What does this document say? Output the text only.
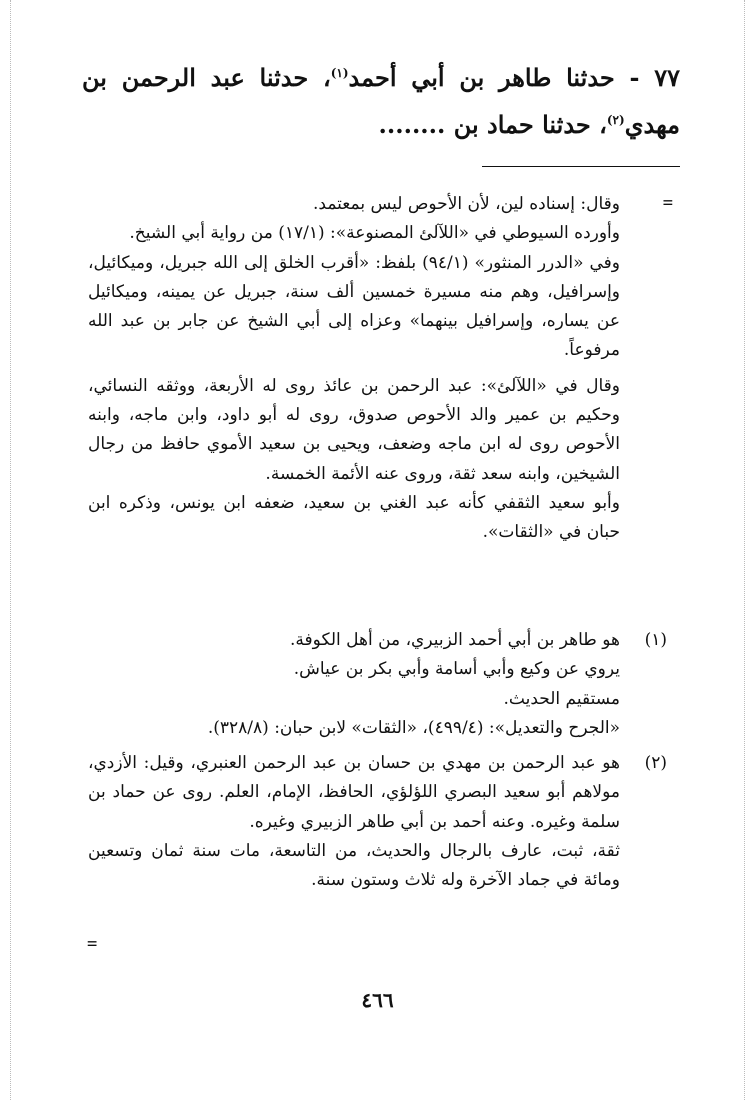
٧٧ - حدثنا طاهر بن أبي أحمد$^{(١)}$، حدثنا عبد الرحمن بن مهدي$^{(٢)}$، حدثنا حماد بن ........
=

وقال: إسناده لين، لأن الأحوص ليس بمعتمد.

وأورده السيوطي في «اللآلئ المصنوعة»: (١٧/١) من رواية أبي الشيخ.

وفي «الدرر المنثور» (٩٤/١) بلفظ: «أقرب الخلق إلى الله جبريل، وميكائيل، وإسرافيل، وهم منه مسيرة خمسين ألف سنة، جبريل عن يمينه، وميكائيل عن يساره، وإسرافيل بينهما» وعزاه إلى أبي الشيخ عن جابر بن عبد الله مرفوعاً.

وقال في «اللآلئ»: عبد الرحمن بن عائذ روى له الأربعة، ووثقه النسائي، وحكيم بن عمير والد الأحوص صدوق، روى له أبو داود، وابن ماجه، وابنه الأحوص روى له ابن ماجه وضعف، ويحيى بن سعيد الأموي حافظ من رجال الشيخين، وابنه سعد ثقة، وروى عنه الأئمة الخمسة.

وأبو سعيد الثقفي كأنه عبد الغني بن سعيد، ضعفه ابن يونس، وذكره ابن حبان في «الثقات».

(١)

هو طاهر بن أبي أحمد الزبيري، من أهل الكوفة.

يروي عن وكيع وأبي أسامة وأبي بكر بن عياش.

مستقيم الحديث.

«الجرح والتعديل»: (٤٩٩/٤)، «الثقات» لابن حبان: (٣٢٨/٨).

(٢)

هو عبد الرحمن بن مهدي بن حسان بن عبد الرحمن العنبري، وقيل: الأزدي، مولاهم أبو سعيد البصري اللؤلؤي، الحافظ، الإمام، العلم. روى عن حماد بن سلمة وغيره. وعنه أحمد بن أبي طاهر الزبيري وغيره.

ثقة، ثبت، عارف بالرجال والحديث، من التاسعة، مات سنة ثمان وتسعين ومائة في جماد الآخرة وله ثلاث وستون سنة.

=
٤٦٦
